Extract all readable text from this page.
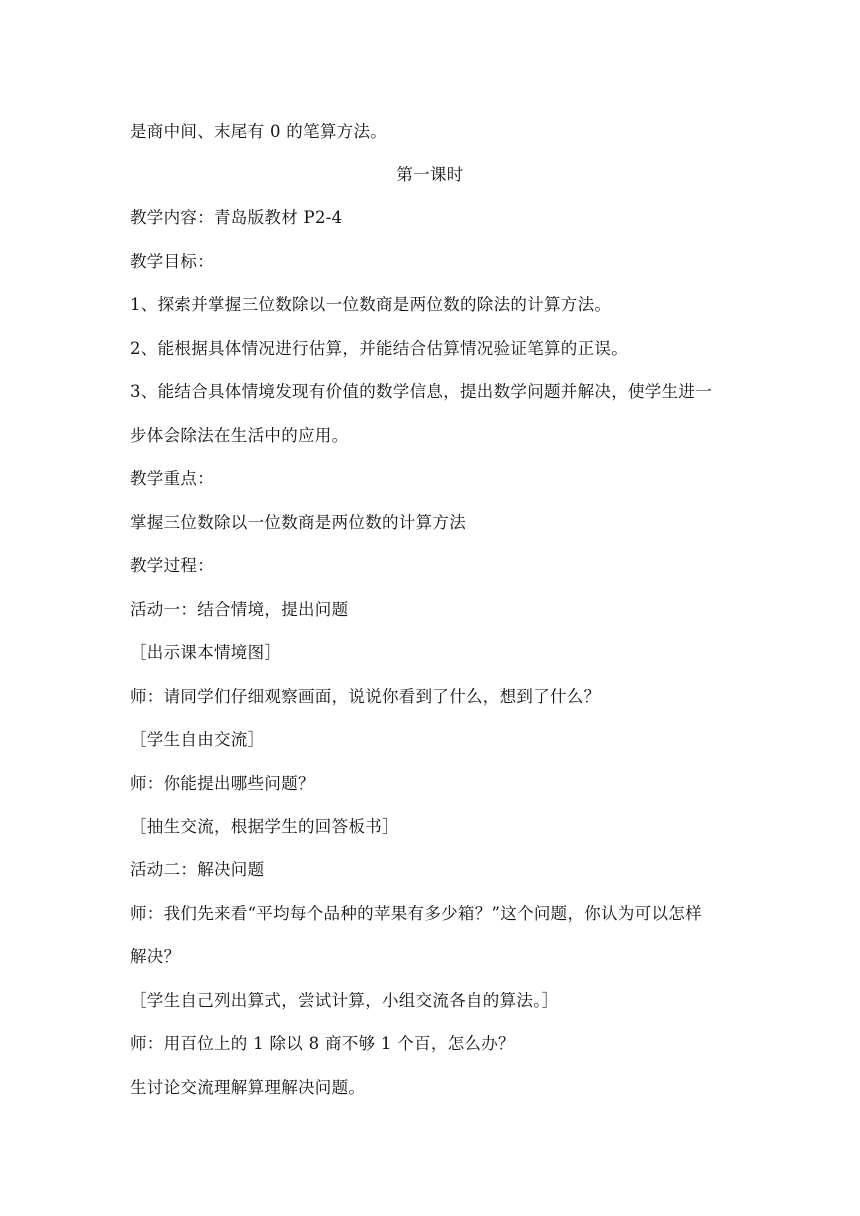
是商中间、末尾有 0 的笔算方法。
第一课时
教学内容：青岛版教材 P2-4
教学目标：
1、探索并掌握三位数除以一位数商是两位数的除法的计算方法。
2、能根据具体情况进行估算，并能结合估算情况验证笔算的正误。
3、能结合具体情境发现有价值的数学信息，提出数学问题并解决，使学生进一
步体会除法在生活中的应用。
教学重点：
掌握三位数除以一位数商是两位数的计算方法
教学过程：
活动一：结合情境，提出问题
［出示课本情境图］
师：请同学们仔细观察画面，说说你看到了什么，想到了什么？
［学生自由交流］
师：你能提出哪些问题？
［抽生交流，根据学生的回答板书］
活动二：解决问题
师：我们先来看“平均每个品种的苹果有多少箱？”这个问题，你认为可以怎样
解决？
［学生自己列出算式，尝试计算，小组交流各自的算法。］
师：用百位上的 1 除以 8 商不够 1 个百，怎么办？
生讨论交流理解算理解决问题。
